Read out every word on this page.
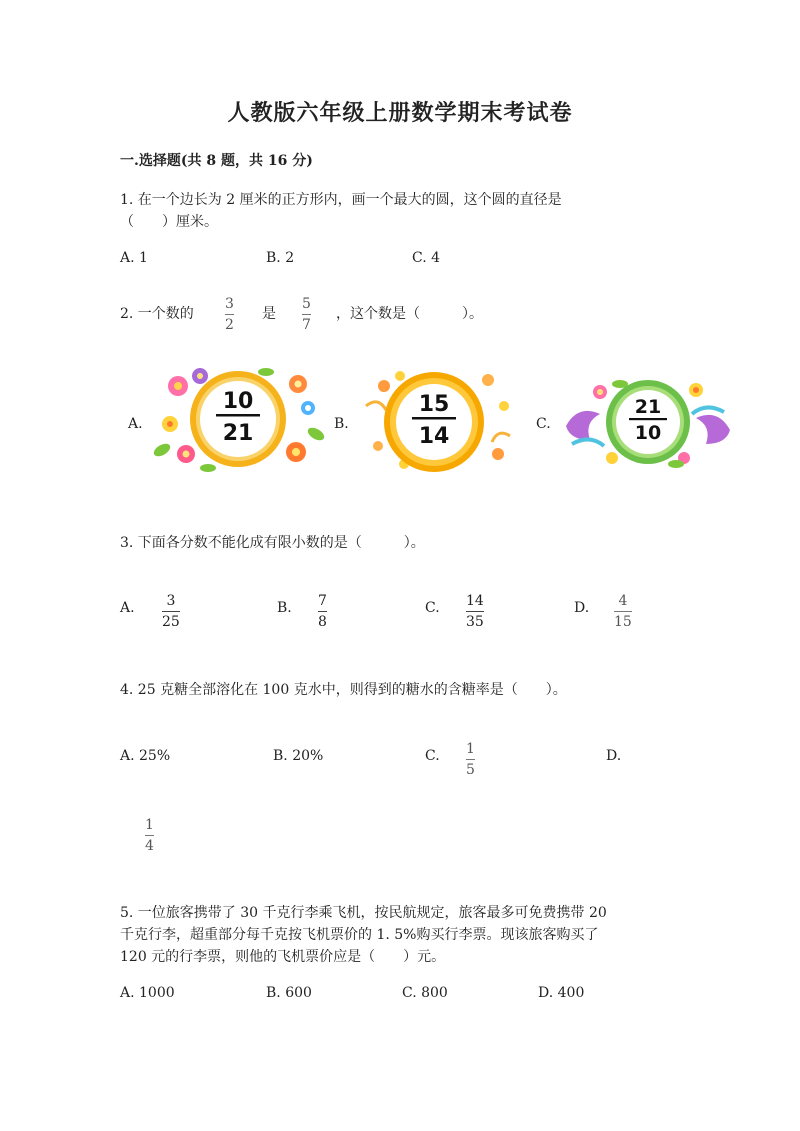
人教版六年级上册数学期末考试卷
一.选择题(共 8 题，共 16 分)
1. 在一个边长为 2 厘米的正方形内，画一个最大的圆，这个圆的直径是
（　　）厘米。
A. 1	B. 2	C. 4
2. 一个数的
3
2
是
5
7
，这个数是（　　　）。
A.
10
21	B.
15
14	C.
21
10
3. 下面各分数不能化成有限小数的是（　　　）。
A. 3
25
B. 7
8
C. 14
35
D. 4
15
4. 25 克糖全部溶化在 100 克水中，则得到的糖水的含糖率是（　　）。
A. 25%	B. 20%	C. 1
5
D.
1
4
5. 一位旅客携带了 30 千克行李乘飞机，按民航规定，旅客最多可免费携带 20
千克行李，超重部分每千克按飞机票价的 1. 5%购买行李票。现该旅客购买了
120 元的行李票，则他的飞机票价应是（　　）元。
A. 1000	B. 600	C. 800	D. 400
